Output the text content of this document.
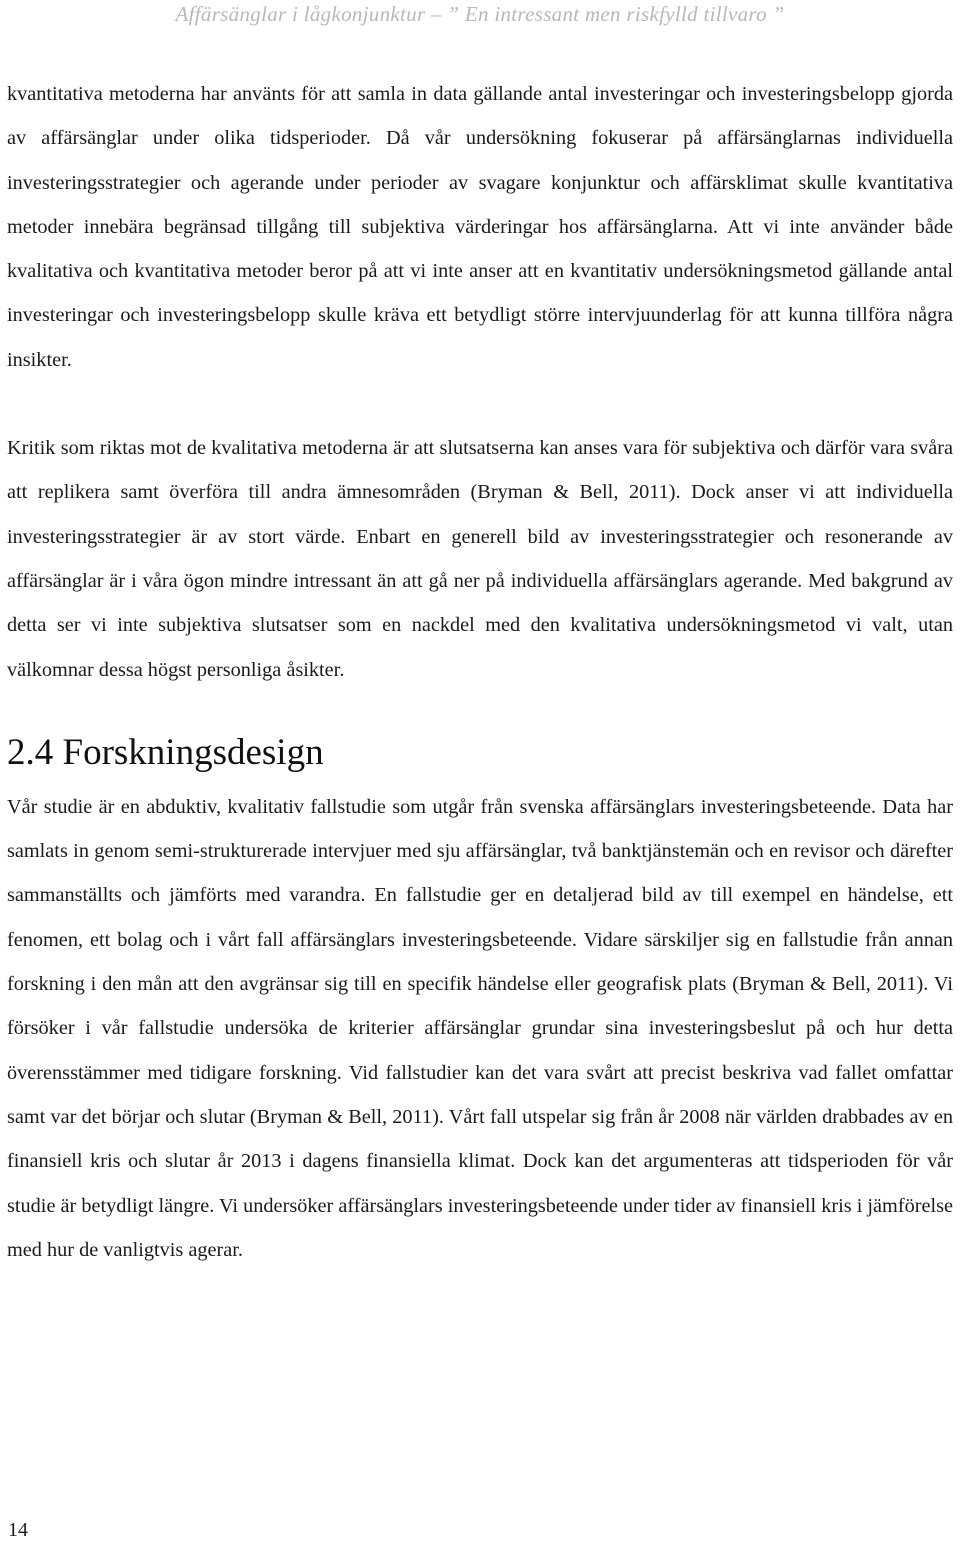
Affärsänglar i lågkonjunktur – ” En intressant men riskfylld tillvaro ”

kvantitativa metoderna har använts för att samla in data gällande antal investeringar och investeringsbelopp gjorda av affärsänglar under olika tidsperioder. Då vår undersökning fokuserar på affärsänglarnas individuella investeringsstrategier och agerande under perioder av svagare konjunktur och affärsklimat skulle kvantitativa metoder innebära begränsad tillgång till subjektiva värderingar hos affärsänglarna. Att vi inte använder både kvalitativa och kvantitativa metoder beror på att vi inte anser att en kvantitativ undersökningsmetod gällande antal investeringar och investeringsbelopp skulle kräva ett betydligt större intervjuunderlag för att kunna tillföra några insikter.

Kritik som riktas mot de kvalitativa metoderna är att slutsatserna kan anses vara för subjektiva och därför vara svåra att replikera samt överföra till andra ämnesområden (Bryman & Bell, 2011). Dock anser vi att individuella investeringsstrategier är av stort värde. Enbart en generell bild av investeringsstrategier och resonerande av affärsänglar är i våra ögon mindre intressant än att gå ner på individuella affärsänglars agerande. Med bakgrund av detta ser vi inte subjektiva slutsatser som en nackdel med den kvalitativa undersökningsmetod vi valt, utan välkomnar dessa högst personliga åsikter.

2.4 Forskningsdesign

Vår studie är en abduktiv, kvalitativ fallstudie som utgår från svenska affärsänglars investeringsbeteende. Data har samlats in genom semi-strukturerade intervjuer med sju affärsänglar, två banktjänstemän och en revisor och därefter sammanställts och jämförts med varandra. En fallstudie ger en detaljerad bild av till exempel en händelse, ett fenomen, ett bolag och i vårt fall affärsänglars investeringsbeteende. Vidare särskiljer sig en fallstudie från annan forskning i den mån att den avgränsar sig till en specifik händelse eller geografisk plats (Bryman & Bell, 2011). Vi försöker i vår fallstudie undersöka de kriterier affärsänglar grundar sina investeringsbeslut på och hur detta överensstämmer med tidigare forskning. Vid fallstudier kan det vara svårt att precist beskriva vad fallet omfattar samt var det börjar och slutar (Bryman & Bell, 2011). Vårt fall utspelar sig från år 2008 när världen drabbades av en finansiell kris och slutar år 2013 i dagens finansiella klimat. Dock kan det argumenteras att tidsperioden för vår studie är betydligt längre. Vi undersöker affärsänglars investeringsbeteende under tider av finansiell kris i jämförelse med hur de vanligtvis agerar.

14
